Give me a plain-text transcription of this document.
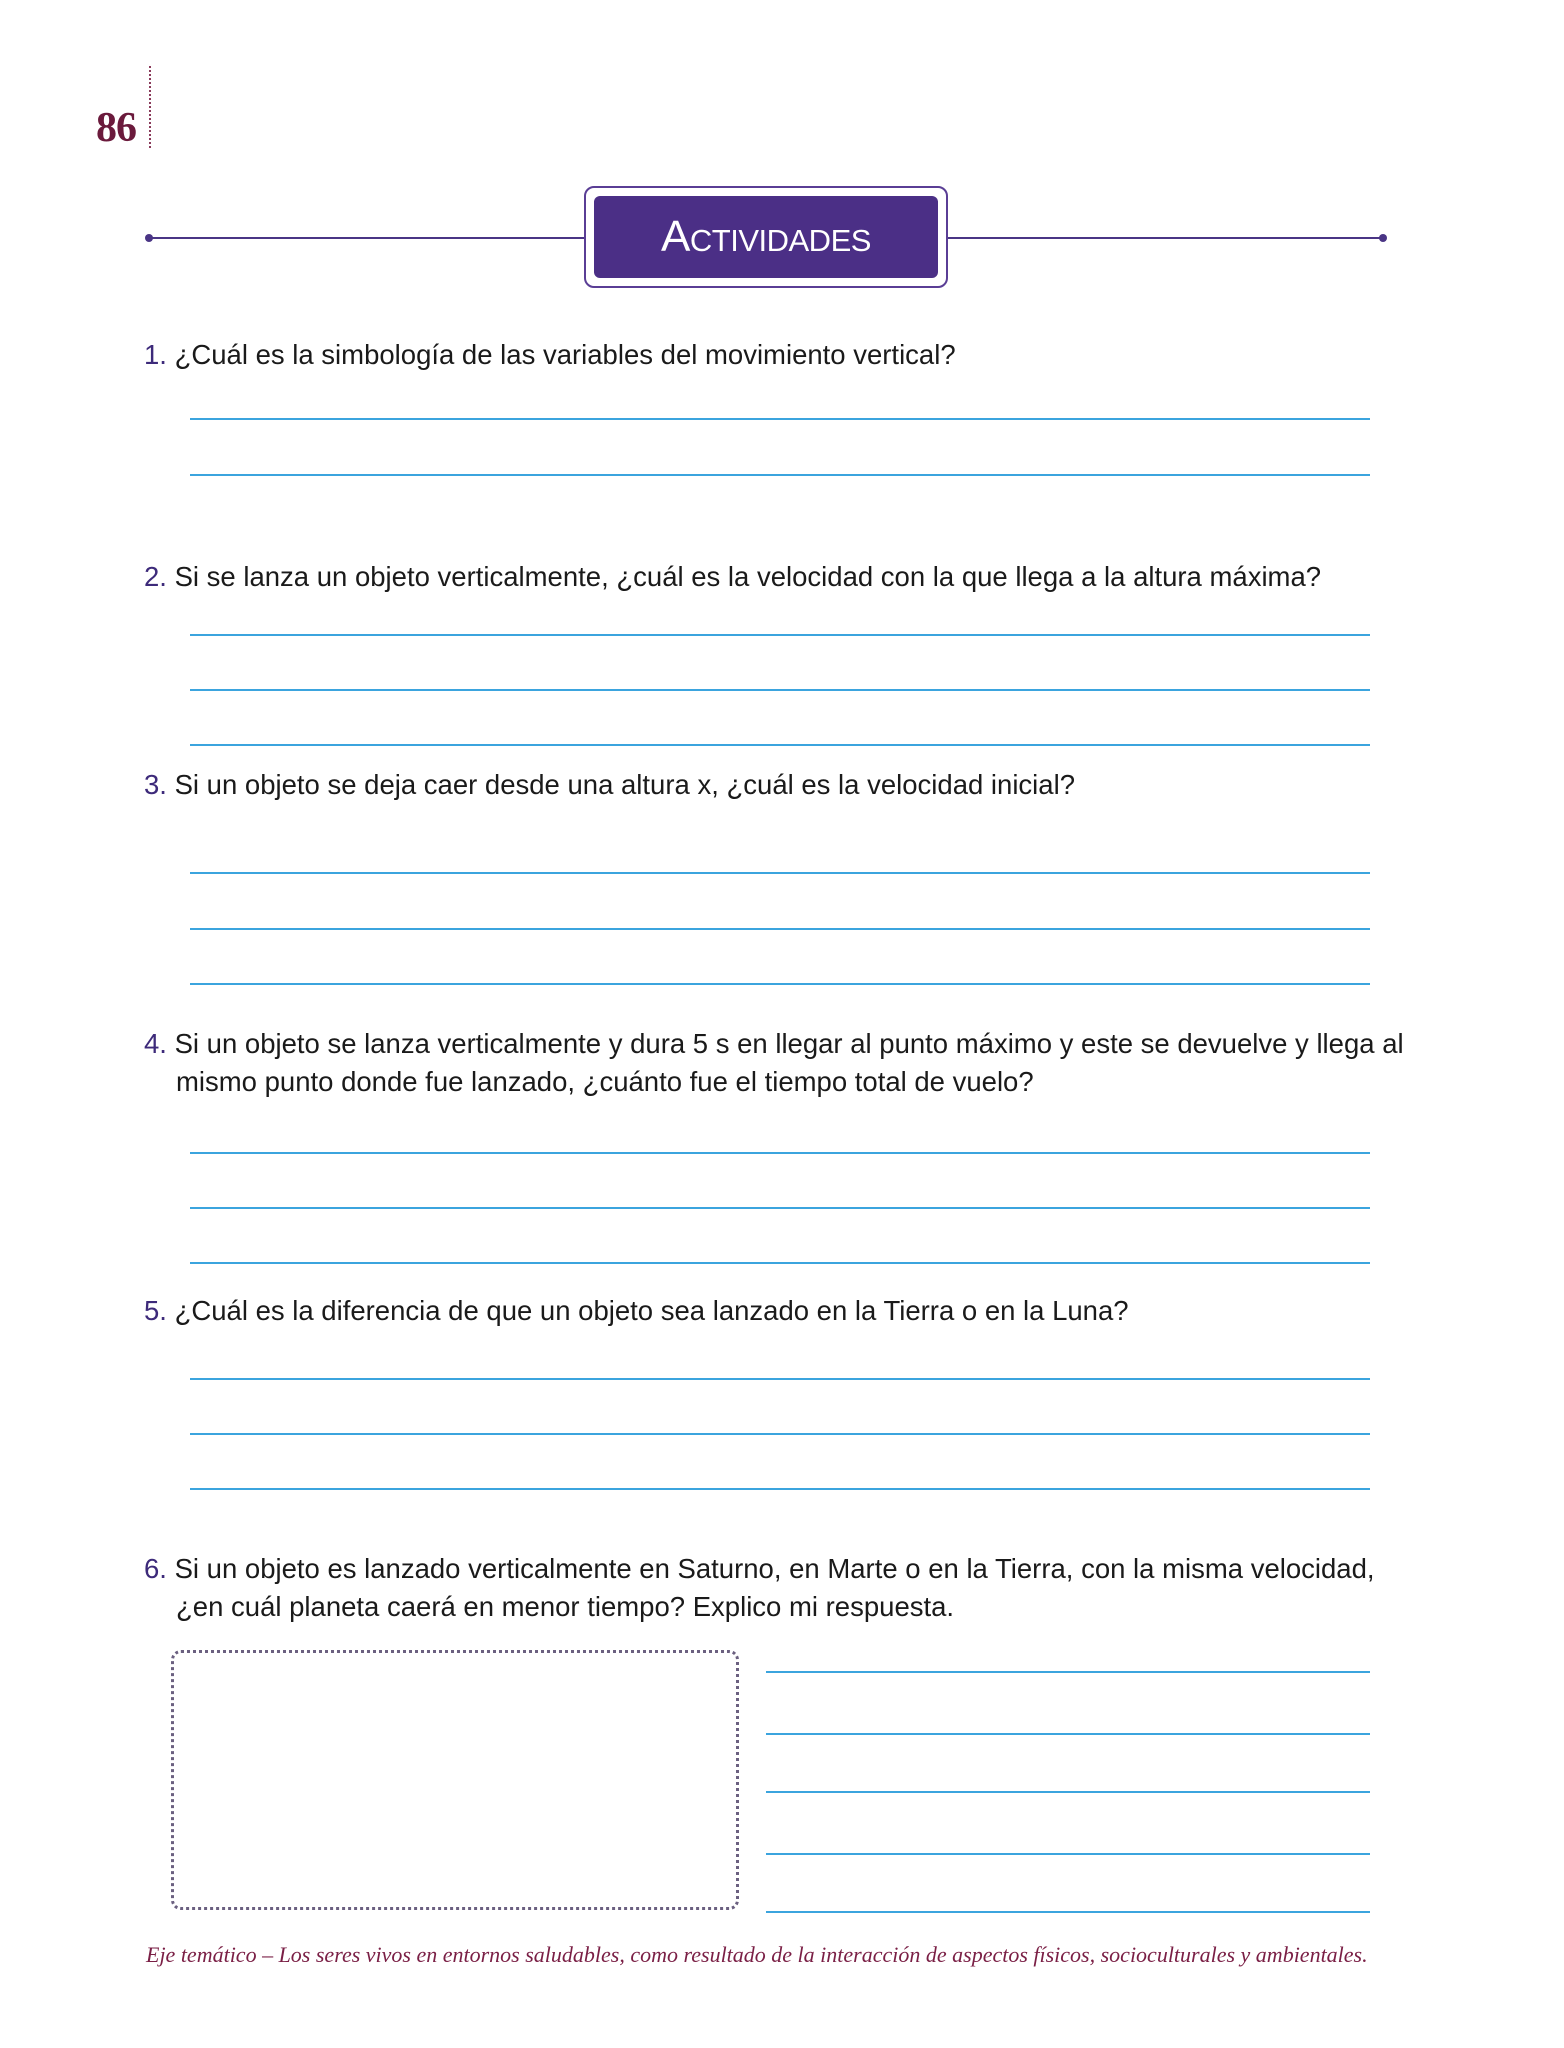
86
Actividades
1. ¿Cuál es la simbología de las variables del movimiento vertical?
2. Si se lanza un objeto verticalmente, ¿cuál es la velocidad con la que llega a la altura máxima?
3. Si un objeto se deja caer desde una altura x, ¿cuál es la velocidad inicial?
4. Si un objeto se lanza verticalmente y dura 5 s en llegar al punto máximo y este se devuelve y llega al mismo punto donde fue lanzado, ¿cuánto fue el tiempo total de vuelo?
5. ¿Cuál es la diferencia de que un objeto sea lanzado en la Tierra o en la Luna?
6. Si un objeto es lanzado verticalmente en Saturno, en Marte o en la Tierra, con la misma velocidad, ¿en cuál planeta caerá en menor tiempo? Explico mi respuesta.
Eje temático – Los seres vivos en entornos saludables, como resultado de la interacción de aspectos físicos, socioculturales y ambientales.
